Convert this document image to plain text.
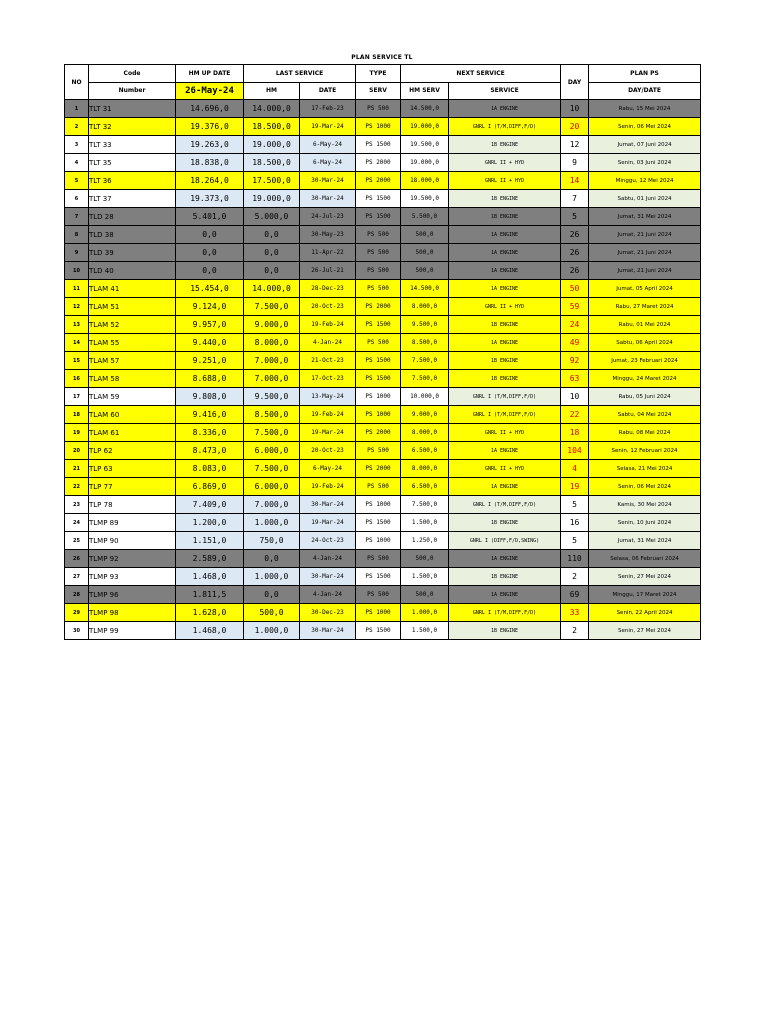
PLAN SERVICE TL
NO	Code	HM UP DATE	LAST SERVICE		TYPE	NEXT SERVICE		DAY	PLAN PS
	Number	26-May-24	HM	DATE	SERV	HM SERV	SERVICE		DAY/DATE
1	TLT 31	14.696,0	14.000,0	17-Feb-23	PS 500	14.500,0	1A ENGINE	10	Rabu, 15 Mei 2024
2	TLT 32	19.376,0	18.500,0	19-Mar-24	PS 1000	19.000,0	GNRL I (T/M,DIFF,F/D)	20	Senin, 06 Mei 2024
3	TLT 33	19.263,0	19.000,0	6-May-24	PS 1500	19.500,0	1B ENGINE	12	Jumat, 07 Juni 2024
4	TLT 35	18.838,0	18.500,0	6-May-24	PS 2000	19.000,0	GNRL II + HYD	9	Senin, 03 Juni 2024
5	TLT 36	18.264,0	17.500,0	30-Mar-24	PS 2000	18.000,0	GNRL II + HYD	14	Minggu, 12 Mei 2024
6	TLT 37	19.373,0	19.000,0	30-Mar-24	PS 1500	19.500,0	1B ENGINE	7	Sabtu, 01 Juni 2024
7	TLD 28	5.401,0	5.000,0	24-Jul-23	PS 1500	5.500,0	1B ENGINE	5	Jumat, 31 Mei 2024
8	TLD 38	0,0	0,0	30-May-23	PS 500	500,0	1A ENGINE	26	Jumat, 21 Juni 2024
9	TLD 39	0,0	0,0	11-Apr-22	PS 500	500,0	1A ENGINE	26	Jumat, 21 Juni 2024
10	TLD 40	0,0	0,0	26-Jul-21	PS 500	500,0	1A ENGINE	26	Jumat, 21 Juni 2024
11	TLAM 41	15.454,0	14.000,0	28-Dec-23	PS 500	14.500,0	1A ENGINE	50	Jumat, 05 April 2024
12	TLAM 51	9.124,0	7.500,0	20-Oct-23	PS 2000	8.000,0	GNRL II + HYD	59	Rabu, 27 Maret 2024
13	TLAM 52	9.957,0	9.000,0	19-Feb-24	PS 1500	9.500,0	1B ENGINE	24	Rabu, 01 Mei 2024
14	TLAM 55	9.440,0	8.000,0	4-Jan-24	PS 500	8.500,0	1A ENGINE	49	Sabtu, 06 April 2024
15	TLAM 57	9.251,0	7.000,0	21-Oct-23	PS 1500	7.500,0	1B ENGINE	92	Jumat, 23 Februari 2024
16	TLAM 58	8.688,0	7.000,0	17-Oct-23	PS 1500	7.500,0	1B ENGINE	63	Minggu, 24 Maret 2024
17	TLAM 59	9.808,0	9.500,0	13-May-24	PS 1000	10.000,0	GNRL I (T/M,DIFF,F/D)	10	Rabu, 05 Juni 2024
18	TLAM 60	9.416,0	8.500,0	19-Feb-24	PS 1000	9.000,0	GNRL I (T/M,DIFF,F/D)	22	Sabtu, 04 Mei 2024
19	TLAM 61	8.336,0	7.500,0	19-Mar-24	PS 2000	8.000,0	GNRL II + HYD	18	Rabu, 08 Mei 2024
20	TLP 62	8.473,0	6.000,0	20-Oct-23	PS 500	6.500,0	1A ENGINE	104	Senin, 12 Februari 2024
21	TLP 63	8.083,0	7.500,0	6-May-24	PS 2000	8.000,0	GNRL II + HYD	4	Selasa, 21 Mei 2024
22	TLP 77	6.869,0	6.000,0	19-Feb-24	PS 500	6.500,0	1A ENGINE	19	Senin, 06 Mei 2024
23	TLP 78	7.409,0	7.000,0	30-Mar-24	PS 1000	7.500,0	GNRL I (T/M,DIFF,F/D)	5	Kamis, 30 Mei 2024
24	TLMP 89	1.200,0	1.000,0	19-Mar-24	PS 1500	1.500,0	1B ENGINE	16	Senin, 10 Juni 2024
25	TLMP 90	1.151,0	750,0	24-Oct-23	PS 1000	1.250,0	GNRL I (DIFF,F/D,SWING)	5	Jumat, 31 Mei 2024
26	TLMP 92	2.589,0	0,0	4-Jan-24	PS 500	500,0	1A ENGINE	110	Selasa, 06 Februari 2024
27	TLMP 93	1.468,0	1.000,0	30-Mar-24	PS 1500	1.500,0	1B ENGINE	2	Senin, 27 Mei 2024
28	TLMP 96	1.811,5	0,0	4-Jan-24	PS 500	500,0	1A ENGINE	69	Minggu, 17 Maret 2024
29	TLMP 98	1.628,0	500,0	30-Dec-23	PS 1000	1.000,0	GNRL I (T/M,DIFF,F/D)	33	Senin, 22 April 2024
30	TLMP 99	1.468,0	1.000,0	30-Mar-24	PS 1500	1.500,0	1B ENGINE	2	Senin, 27 Mei 2024
